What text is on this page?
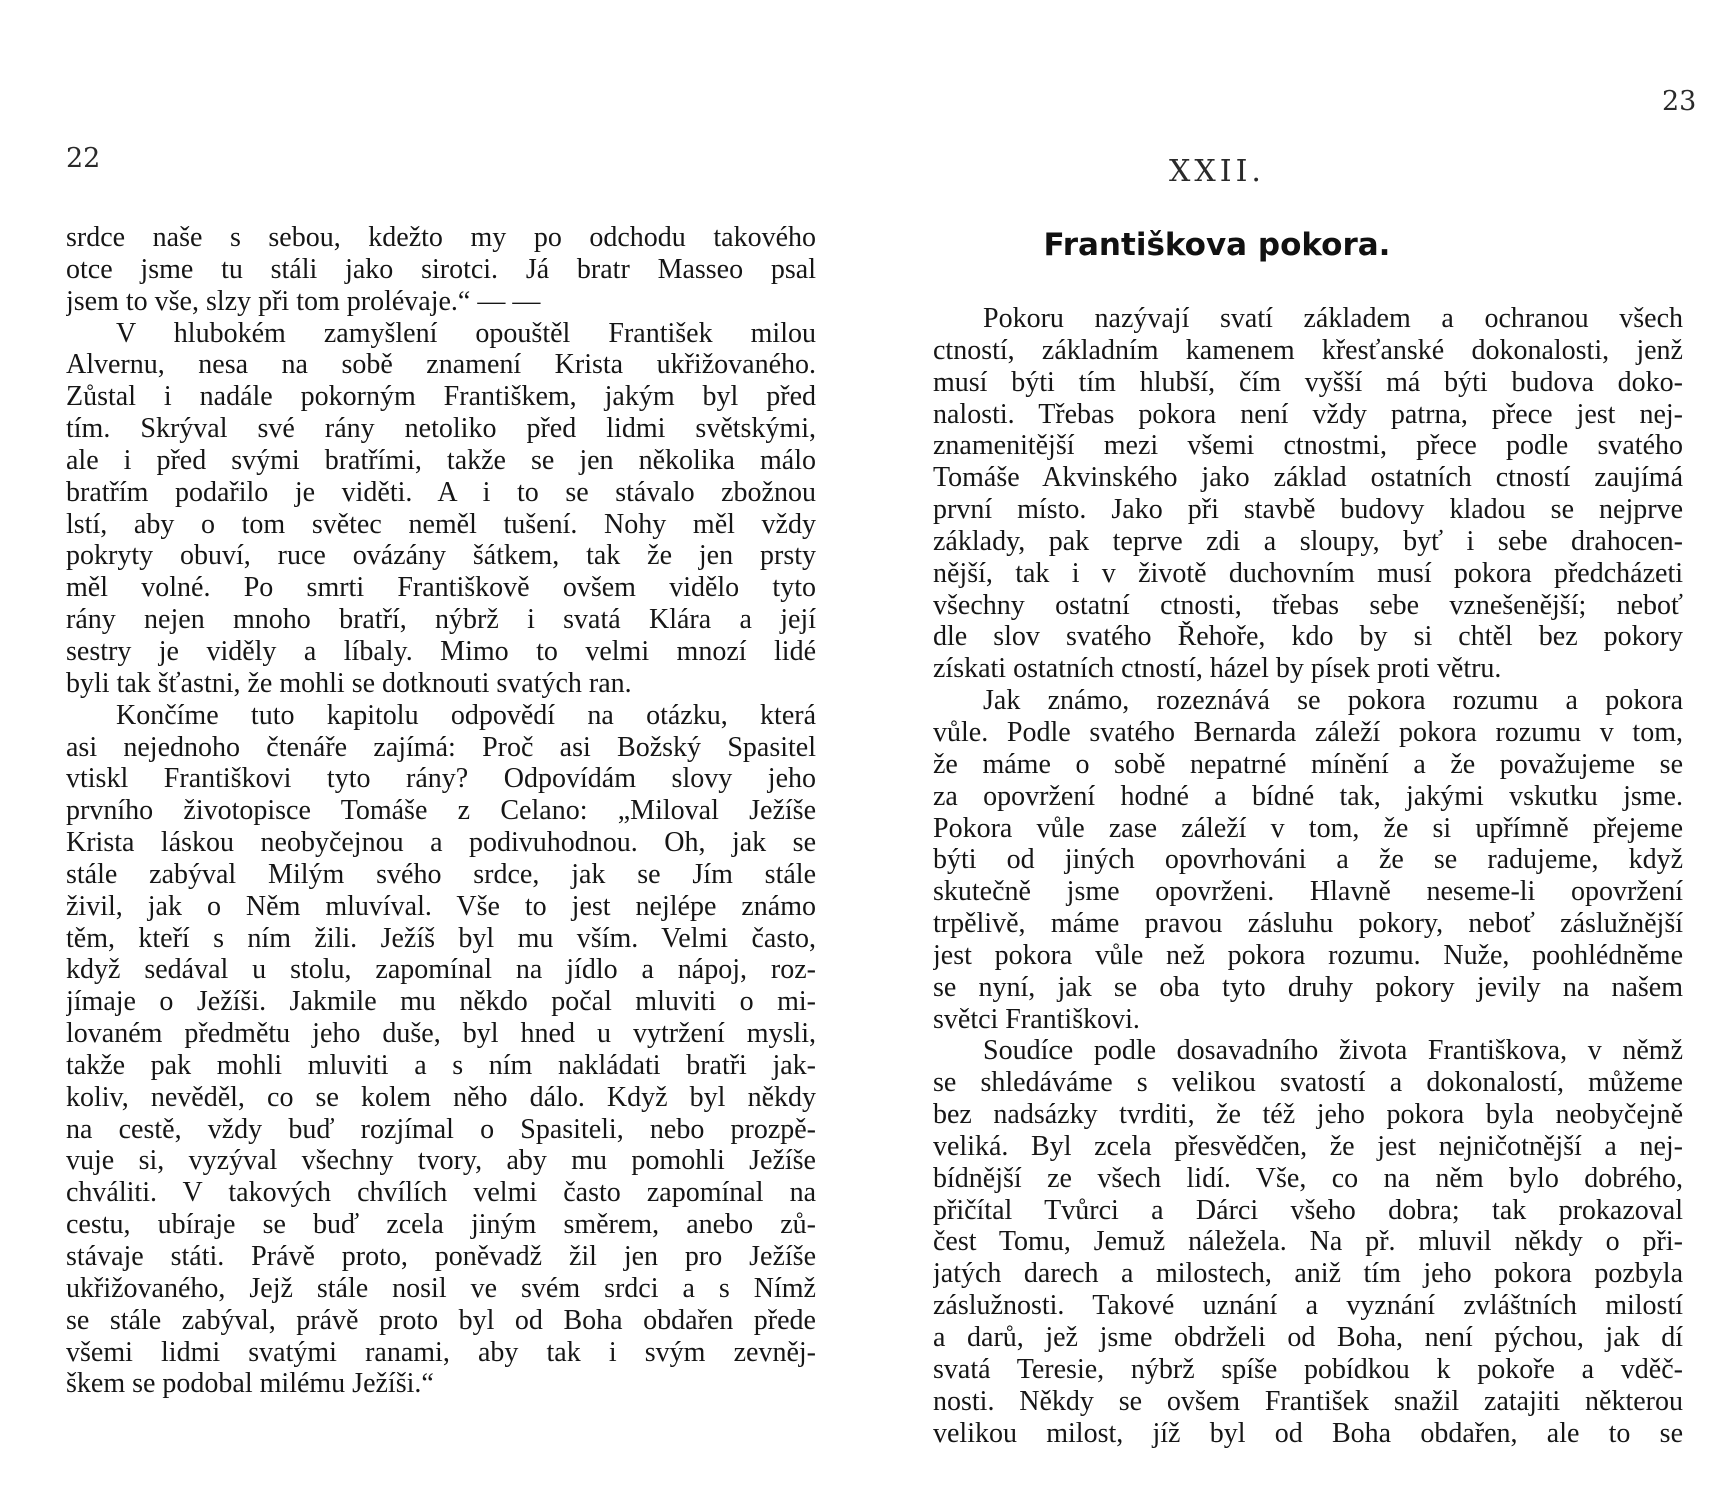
22
srdce naše s sebou, kdežto my po odchodu takového
otce jsme tu stáli jako sirotci. Já bratr Masseo psal
jsem to vše, slzy při tom prolévaje.“ — —
V hlubokém zamyšlení opouštěl František milou
Alvernu, nesa na sobě znamení Krista ukřižovaného.
Zůstal i nadále pokorným Františkem, jakým byl před
tím. Skrýval své rány netoliko před lidmi světskými,
ale i před svými bratřími, takže se jen několika málo
bratřím podařilo je viděti. A i to se stávalo zbožnou
lstí, aby o tom světec neměl tušení. Nohy měl vždy
pokryty obuví, ruce ovázány šátkem, tak že jen prsty
měl volné. Po smrti Františkově ovšem vidělo tyto
rány nejen mnoho bratří, nýbrž i svatá Klára a její
sestry je viděly a líbaly. Mimo to velmi mnozí lidé
byli tak šťastni, že mohli se dotknouti svatých ran.
Končíme tuto kapitolu odpovědí na otázku, která
asi nejednoho čtenáře zajímá: Proč asi Božský Spasitel
vtiskl Františkovi tyto rány? Odpovídám slovy jeho
prvního životopisce Tomáše z Celano: „Miloval Ježíše
Krista láskou neobyčejnou a podivuhodnou. Oh, jak se
stále zabýval Milým svého srdce, jak se Jím stále
živil, jak o Něm mluvíval. Vše to jest nejlépe známo
těm, kteří s ním žili. Ježíš byl mu vším. Velmi často,
když sedával u stolu, zapomínal na jídlo a nápoj, roz-
jímaje o Ježíši. Jakmile mu někdo počal mluviti o mi-
lovaném předmětu jeho duše, byl hned u vytržení mysli,
takže pak mohli mluviti a s ním nakládati bratři jak-
koliv, nevěděl, co se kolem něho dálo. Když byl někdy
na cestě, vždy buď rozjímal o Spasiteli, nebo prozpě-
vuje si, vyzýval všechny tvory, aby mu pomohli Ježíše
chváliti. V takových chvílích velmi často zapomínal na
cestu, ubíraje se buď zcela jiným směrem, anebo zů-
stávaje státi. Právě proto, poněvadž žil jen pro Ježíše
ukřižovaného, Jejž stále nosil ve svém srdci a s Nímž
se stále zabýval, právě proto byl od Boha obdařen předе
všemi lidmi svatými ranami, aby tak i svým zevněj-
škem se podobal milému Ježíši.“
23
XXII.
Františkova pokora.
Pokoru nazývají svatí základem a ochranou všech
ctností, základním kamenem křesťanské dokonalosti, jenž
musí býti tím hlubší, čím vyšší má býti budova doko-
nalosti. Třebas pokora není vždy patrna, přece jest nej-
znamenitější mezi všemi ctnostmi, přece podle svatého
Tomáše Akvinského jako základ ostatních ctností zaujímá
první místo. Jako při stavbě budovy kladou se nejprve
základy, pak teprve zdi a sloupy, byť i sebe drahocen-
nější, tak i v životě duchovním musí pokora předcházeti
všechny ostatní ctnosti, třebas sebe vznešenější; neboť
dle slov svatého Řehoře, kdo by si chtěl bez pokory
získati ostatních ctností, házel by písek proti větru.
Jak známo, rozeznává se pokora rozumu a pokora
vůle. Podle svatého Bernarda záleží pokora rozumu v tom,
že máme o sobě nepatrné mínění a že považujeme se
za opovržení hodné a bídné tak, jakými vskutku jsme.
Pokora vůle zase záleží v tom, že si upřímně přejeme
býti od jiných opovrhováni a že se radujeme, když
skutečně jsme opovrženi. Hlavně neseme-li opovržení
trpělivě, máme pravou zásluhu pokory, neboť záslužnější
jest pokora vůle než pokora rozumu. Nuže, poohlédněme
se nyní, jak se oba tyto druhy pokory jevily na našem
světci Františkovi.
Soudíce podle dosavadního života Františkova, v němž
se shledáváme s velikou svatostí a dokonalostí, můžeme
bez nadsázky tvrditi, že též jeho pokora byla neobyčejně
veliká. Byl zcela přesvědčen, že jest nejničotnější a nej-
bídnější ze všech lidí. Vše, co na něm bylo dobrého,
přičítal Tvůrci a Dárci všeho dobra; tak prokazoval
čest Tomu, Jemuž náležela. Na př. mluvil někdy o při-
jatých darech a milostech, aniž tím jeho pokora pozbyla
záslužnosti. Takové uznání a vyznání zvláštních milostí
a darů, jež jsme obdrželi od Boha, není pýchou, jak dí
svatá Teresie, nýbrž spíše pobídkou k pokoře a vděč-
nosti. Někdy se ovšem František snažil zatajiti některou
velikou milost, jíž byl od Boha obdařen, ale to se
